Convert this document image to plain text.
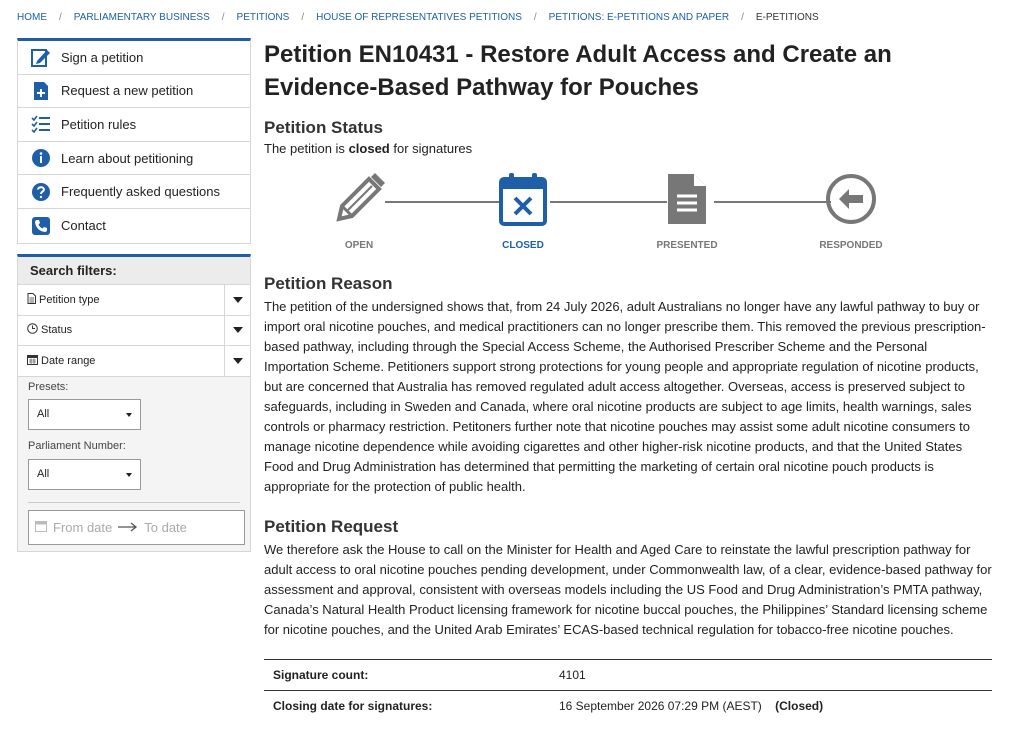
HOME / PARLIAMENTARY BUSINESS / PETITIONS / HOUSE OF REPRESENTATIVES PETITIONS / PETITIONS: E-PETITIONS AND PAPER / E-PETITIONS
Sign a petition
Request a new petition
Petition rules
Learn about petitioning
Frequently asked questions
Contact
Search filters:
Petition type
Status
Date range
Presets:
All
Parliament Number:
All
From date To date
Petition EN10431 - Restore Adult Access and Create an Evidence-Based Pathway for Pouches
Petition Status
The petition is closed for signatures
OPEN	CLOSED	PRESENTED	RESPONDED
Petition Reason

The petition of the undersigned shows that, from 24 July 2026, adult Australians no longer have any lawful pathway to buy or import oral nicotine pouches, and medical practitioners can no longer prescribe them. This removed the previous prescription-based pathway, including through the Special Access Scheme, the Authorised Prescriber Scheme and the Personal Importation Scheme. Petitioners support strong protections for young people and appropriate regulation of nicotine products, but are concerned that Australia has removed regulated adult access altogether. Overseas, access is preserved subject to safeguards, including in Sweden and Canada, where oral nicotine products are subject to age limits, health warnings, sales controls or pharmacy restriction. Petitoners further note that nicotine pouches may assist some adult nicotine consumers to manage nicotine dependence while avoiding cigarettes and other higher-risk nicotine products, and that the United States Food and Drug Administration has determined that permitting the marketing of certain oral nicotine pouch products is appropriate for the protection of public health.

Petition Request

We therefore ask the House to call on the Minister for Health and Aged Care to reinstate the lawful prescription pathway for adult access to oral nicotine pouches pending development, under Commonwealth law, of a clear, evidence-based pathway for assessment and approval, consistent with overseas models including the US Food and Drug Administration’s PMTA pathway, Canada’s Natural Health Product licensing framework for nicotine buccal pouches, the Philippines’ Standard licensing scheme for nicotine pouches, and the United Arab Emirates’ ECAS-based technical regulation for tobacco-free nicotine pouches.

Signature count:	4101
Closing date for signatures:	16 September 2026 07:29 PM (AEST) (Closed)
